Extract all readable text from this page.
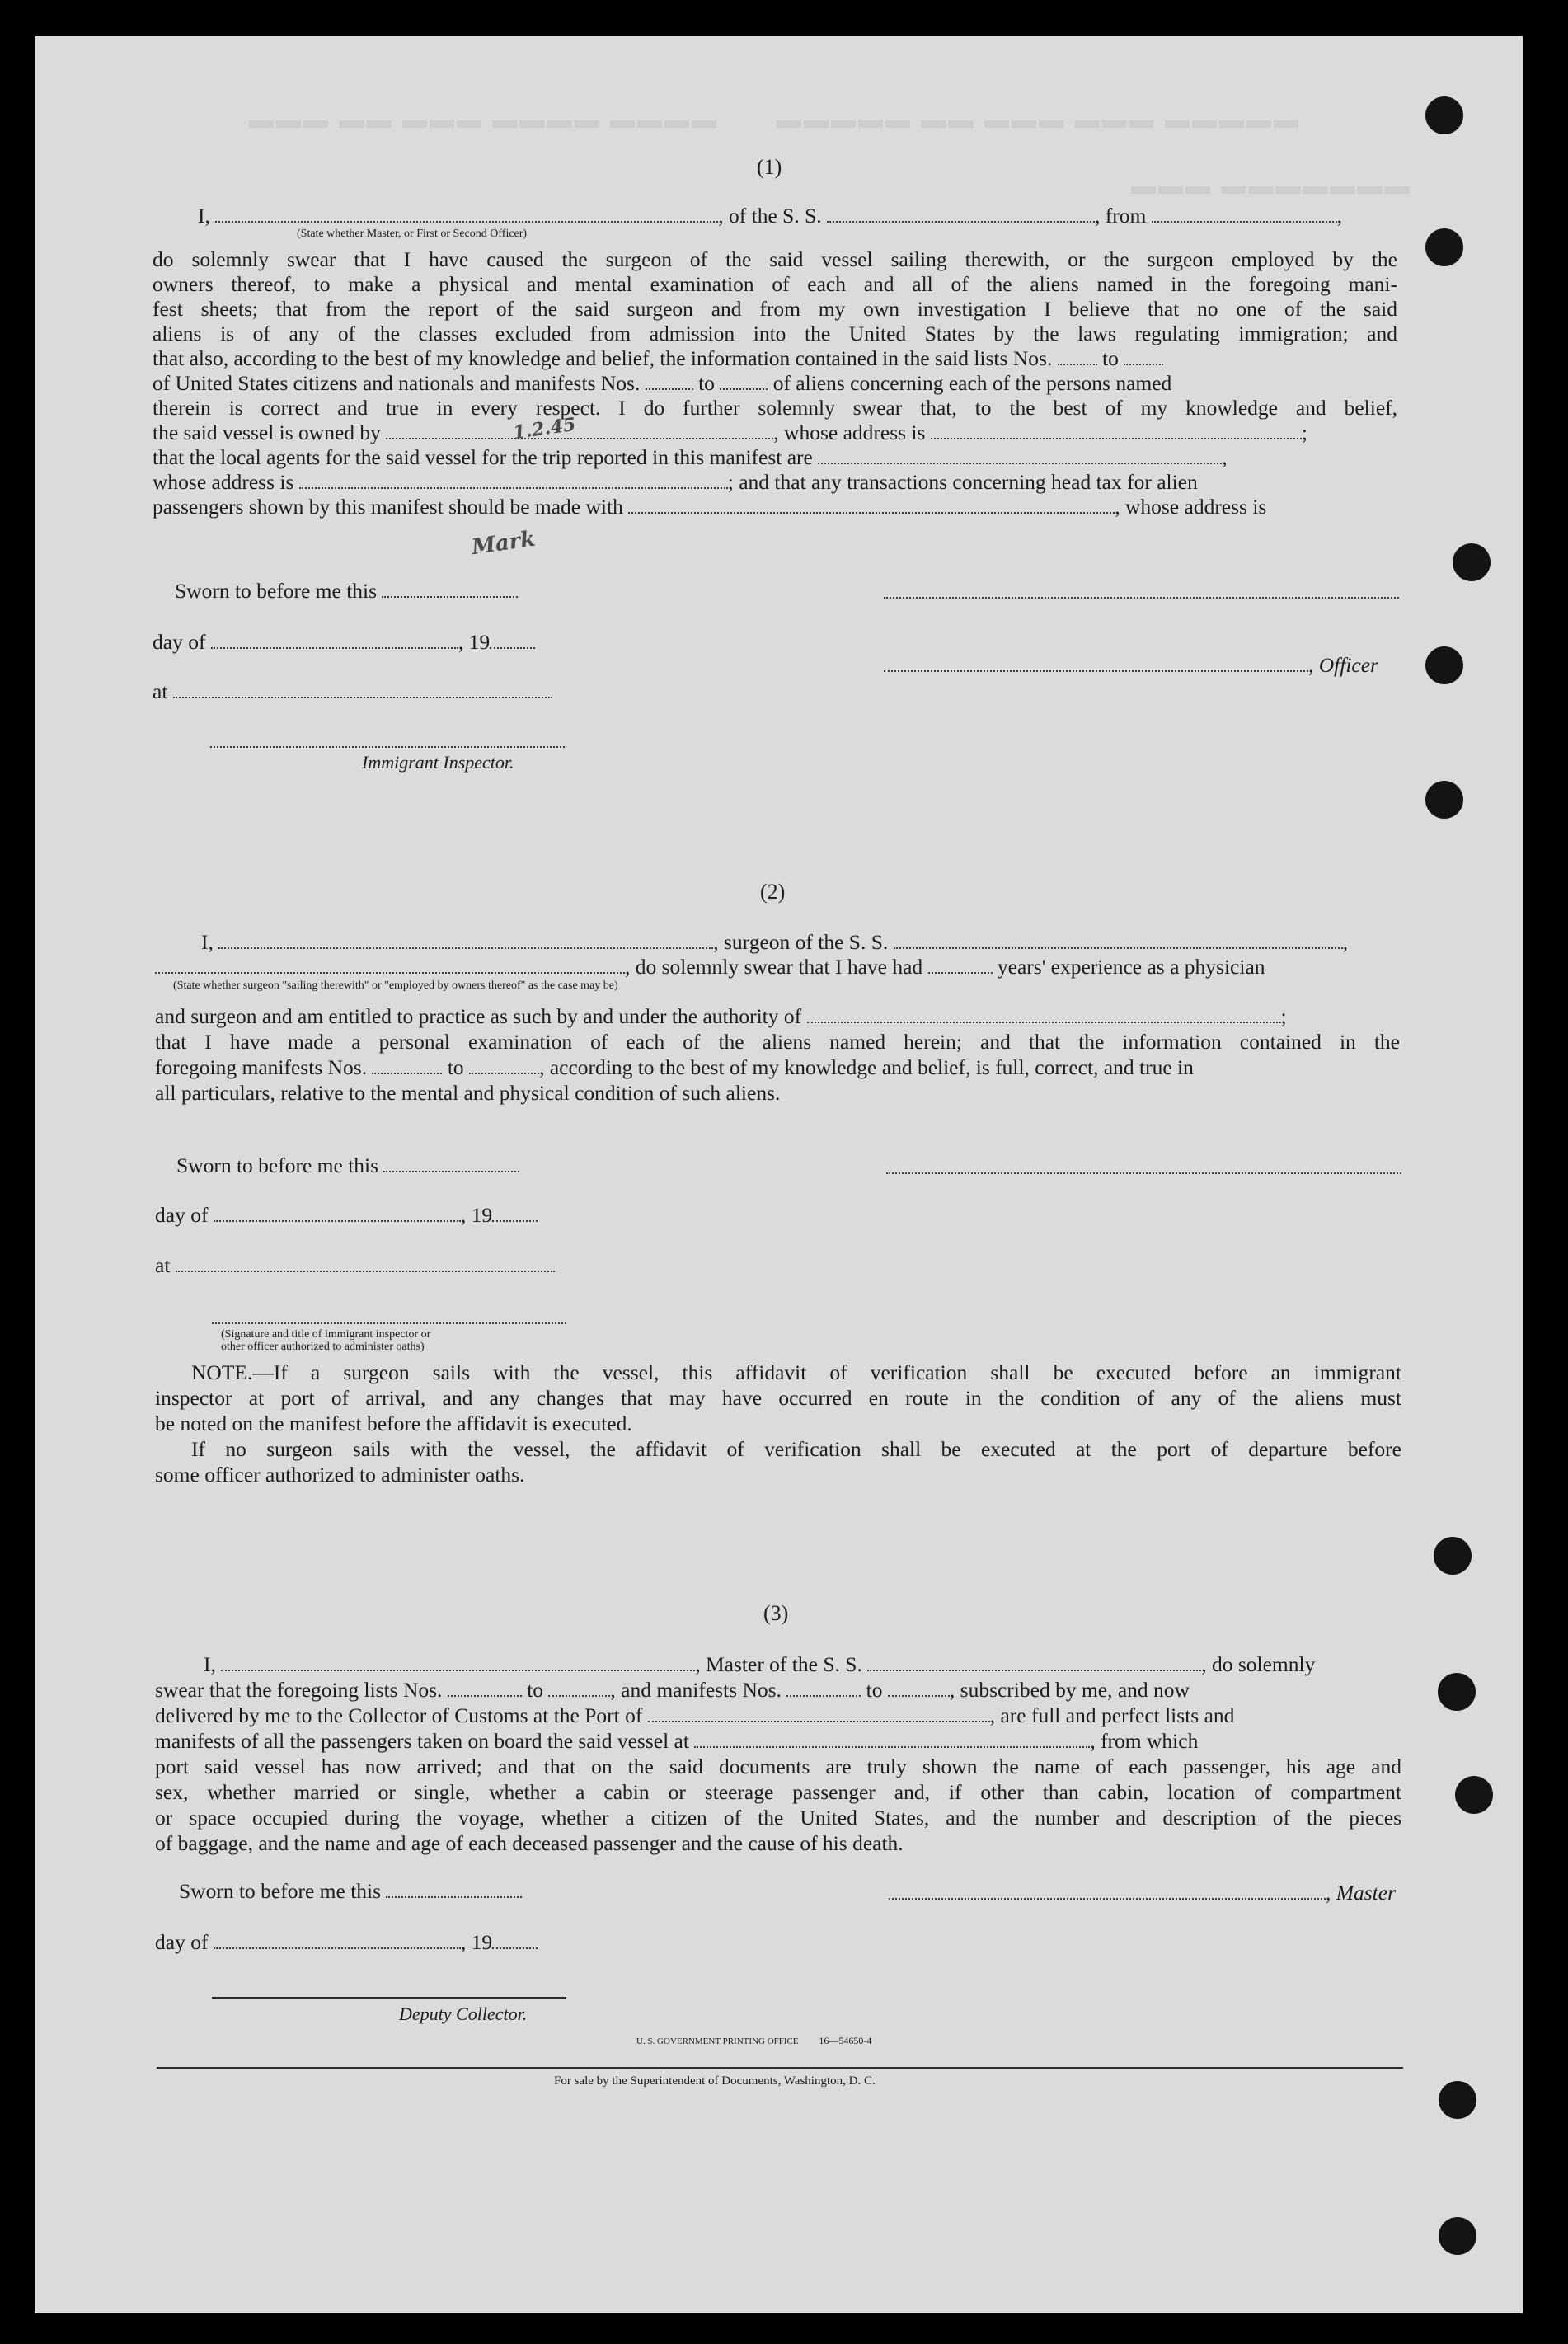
▬▬▬ ▬▬ ▬▬▬ ▬▬▬▬ ▬▬▬▬ ▬▬▬▬▬ ▬▬ ▬▬▬ ▬▬▬ ▬▬▬▬▬
▬▬▬ ▬▬▬▬▬▬▬
(1)
I,	, of the S. S.	, from	,
(State whether Master, or First or Second Officer)
do solemnly swear that I have caused the surgeon of the said vessel sailing therewith, or the surgeon employed by the
owners thereof, to make a physical and mental examination of each and all of the aliens named in the foregoing mani-
fest sheets; that from the report of the said surgeon and from my own investigation I believe that no one of the said
aliens is of any of the classes excluded from admission into the United States by the laws regulating immigration; and
that also, according to the best of my knowledge and belief, the information contained in the said lists Nos. to
of United States citizens and nationals and manifests Nos.	to	of aliens concerning each of the persons named
therein is correct and true in every respect. I do further solemnly swear that, to the best of my knowledge and belief,
the said vessel is owned by	, whose address is	;
that the local agents for the said vessel for the trip reported in this manifest are	,
whose address is	; and that any transactions concerning head tax for alien
passengers shown by this manifest should be made with	, whose address is
Mark
1.2.45
Sworn to before me this
day of	, 19
, Officer
at
Immigrant Inspector.
(2)
I,	, surgeon of the S. S.	,
, do solemnly swear that I have had	years' experience as a physician
(State whether surgeon "sailing therewith" or "employed by owners thereof" as the case may be)
and surgeon and am entitled to practice as such by and under the authority of	;
that I have made a personal examination of each of the aliens named herein; and that the information contained in the
foregoing manifests Nos.	to	, according to the best of my knowledge and belief, is full, correct, and true in
all particulars, relative to the mental and physical condition of such aliens.
Sworn to before me this
day of	, 19
at
(Signature and title of immigrant inspector or
other officer authorized to administer oaths)
NOTE.—If a surgeon sails with the vessel, this affidavit of verification shall be executed before an immigrant
inspector at port of arrival, and any changes that may have occurred en route in the condition of any of the aliens must
be noted on the manifest before the affidavit is executed.
If no surgeon sails with the vessel, the affidavit of verification shall be executed at the port of departure before
some officer authorized to administer oaths.
(3)
I,	, Master of the S. S.	, do solemnly
swear that the foregoing lists Nos.	to	, and manifests Nos.	to	, subscribed by me, and now
delivered by me to the Collector of Customs at the Port of	, are full and perfect lists and
manifests of all the passengers taken on board the said vessel at	, from which
port said vessel has now arrived; and that on the said documents are truly shown the name of each passenger, his age and
sex, whether married or single, whether a cabin or steerage passenger and, if other than cabin, location of compartment
or space occupied during the voyage, whether a citizen of the United States, and the number and description of the pieces
of baggage, and the name and age of each deceased passenger and the cause of his death.
Sworn to before me this	, Master
day of	, 19
Deputy Collector.
U. S. GOVERNMENT PRINTING OFFICE 16—54650-4
For sale by the Superintendent of Documents, Washington, D. C.
